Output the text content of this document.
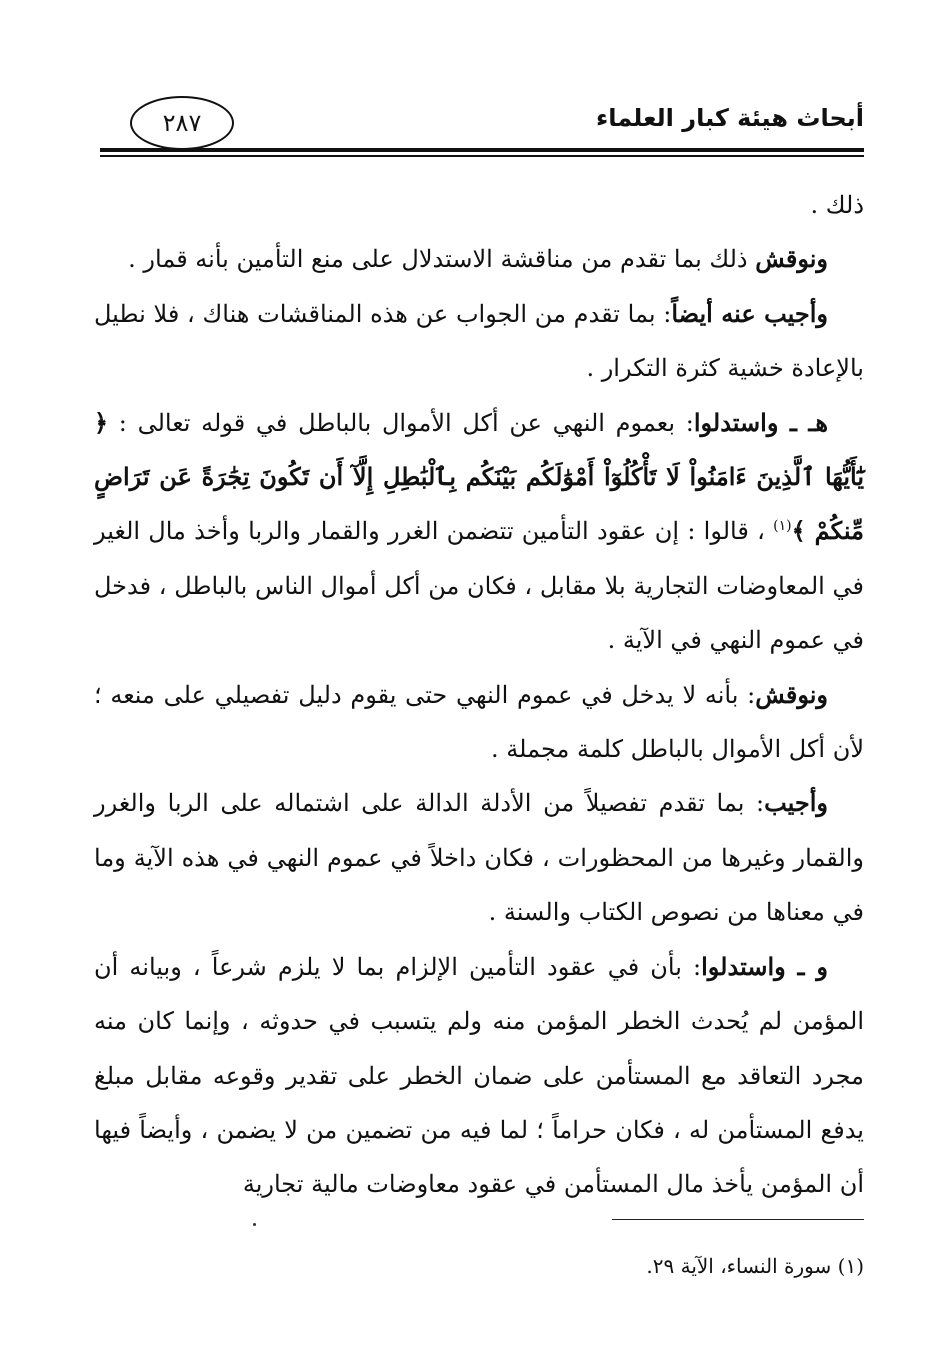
أبحاث هيئة كبار العلماء
٢٨٧

ذلك .

ونوقش ذلك بما تقدم من مناقشة الاستدلال على منع التأمين بأنه قمار .

وأجيب عنه أيضاً: بما تقدم من الجواب عن هذه المناقشات هناك ، فلا نطيل بالإعادة خشية كثرة التكرار .

هـ ـ واستدلوا: بعموم النهي عن أكل الأموال بالباطل في قوله تعالى : ﴿ يَٰٓأَيُّهَا ٱلَّذِينَ ءَامَنُواْ لَا تَأْكُلُوٓاْ أَمْوَٰلَكُم بَيْنَكُم بِٱلْبَٰطِلِ إِلَّآ أَن تَكُونَ تِجَٰرَةً عَن تَرَاضٍ مِّنكُمْ ﴾$^{(١)}$ ، قالوا : إن عقود التأمين تتضمن الغرر والقمار والربا وأخذ مال الغير في المعاوضات التجارية بلا مقابل ، فكان من أكل أموال الناس بالباطل ، فدخل في عموم النهي في الآية .

ونوقش: بأنه لا يدخل في عموم النهي حتى يقوم دليل تفصيلي على منعه ؛ لأن أكل الأموال بالباطل كلمة مجملة .

وأجيب: بما تقدم تفصيلاً من الأدلة الدالة على اشتماله على الربا والغرر والقمار وغيرها من المحظورات ، فكان داخلاً في عموم النهي في هذه الآية وما في معناها من نصوص الكتاب والسنة .

و ـ واستدلوا: بأن في عقود التأمين الإلزام بما لا يلزم شرعاً ، وبيانه أن المؤمن لم يُحدث الخطر المؤمن منه ولم يتسبب في حدوثه ، وإنما كان منه مجرد التعاقد مع المستأمن على ضمان الخطر على تقدير وقوعه مقابل مبلغ يدفع المستأمن له ، فكان حراماً ؛ لما فيه من تضمين من لا يضمن ، وأيضاً فيها أن المؤمن يأخذ مال المستأمن في عقود معاوضات مالية تجارية

(١) سورة النساء، الآية ٢٩.
